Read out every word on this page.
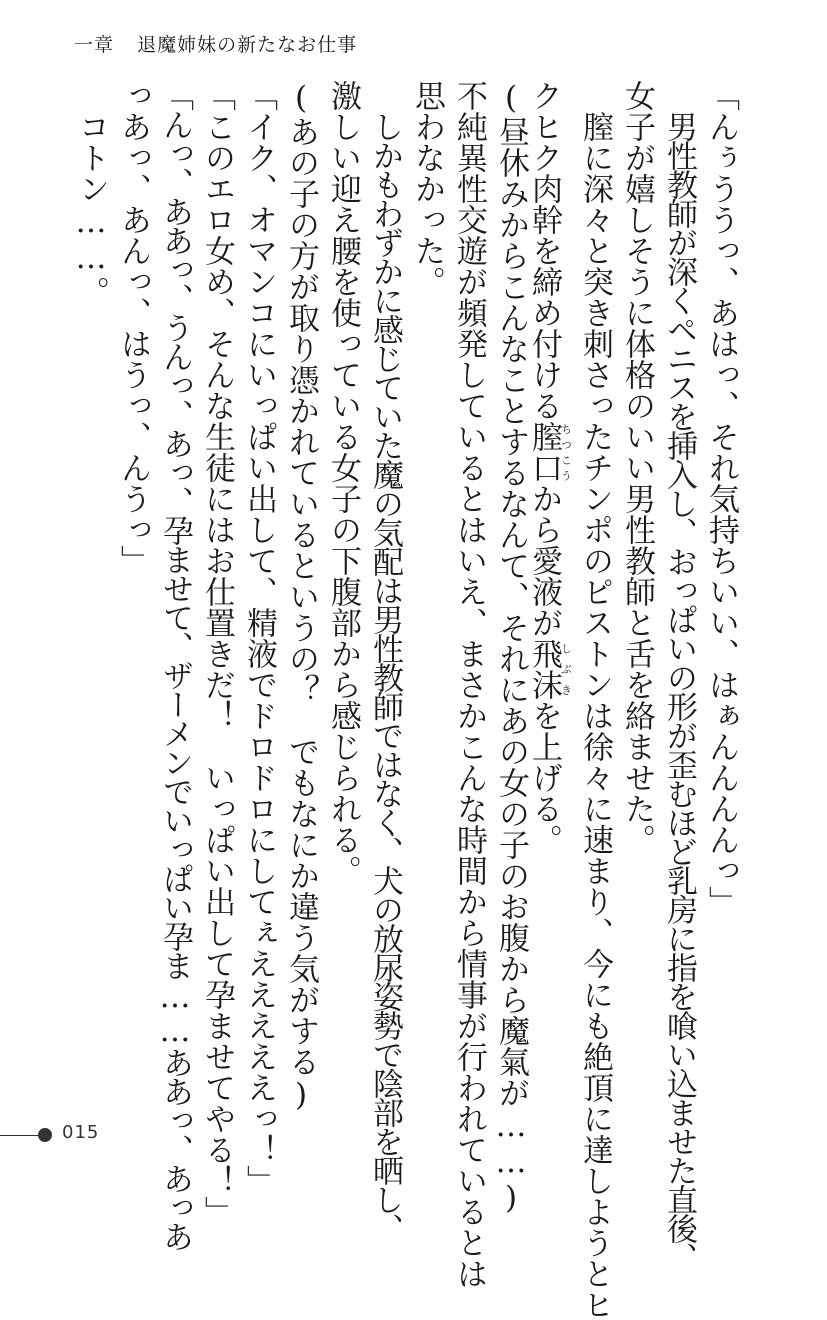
一章 退魔姉妹の新たなお仕事
「んぅううっ、あはっ、それ気持ちいい、はぁんんんんっ」
男性教師が深くペニスを挿入し、おっぱいの形が歪むほど乳房に指を喰い込ませた直後、
女子が嬉しそうに体格のいい男性教師と舌を絡ませた。
膣に深々と突き刺さったチンポのピストンは徐々に速まり、今にも絶頂に達しようとヒ
クヒク肉幹を締め付ける膣口ちつこうから愛液が飛沫しぶきを上げる。
(昼休みからこんなことするなんて、それにあの女の子のお腹から魔氣が……)
不純異性交遊が頻発しているとはいえ、まさかこんな時間から情事が行われているとは
思わなかった。
しかもわずかに感じていた魔の気配は男性教師ではなく、犬の放尿姿勢で陰部を晒し、
激しい迎え腰を使っている女子の下腹部から感じられる。
(あの子の方が取り憑かれているというの？　でもなにか違う気がする)
「イク、オマンコにいっぱい出して、精液でドロドロにしてぇえええええっ！」
「このエロ女め、そんな生徒にはお仕置きだ！　いっぱい出して孕ませてやる！」
「んっ、ああっ、うんっ、あっ、孕ませて、ザーメンでいっぱい孕ま……ああっ、あっあ
っあっ、あんっ、はうっ、んうっ」
コトン……。
015
